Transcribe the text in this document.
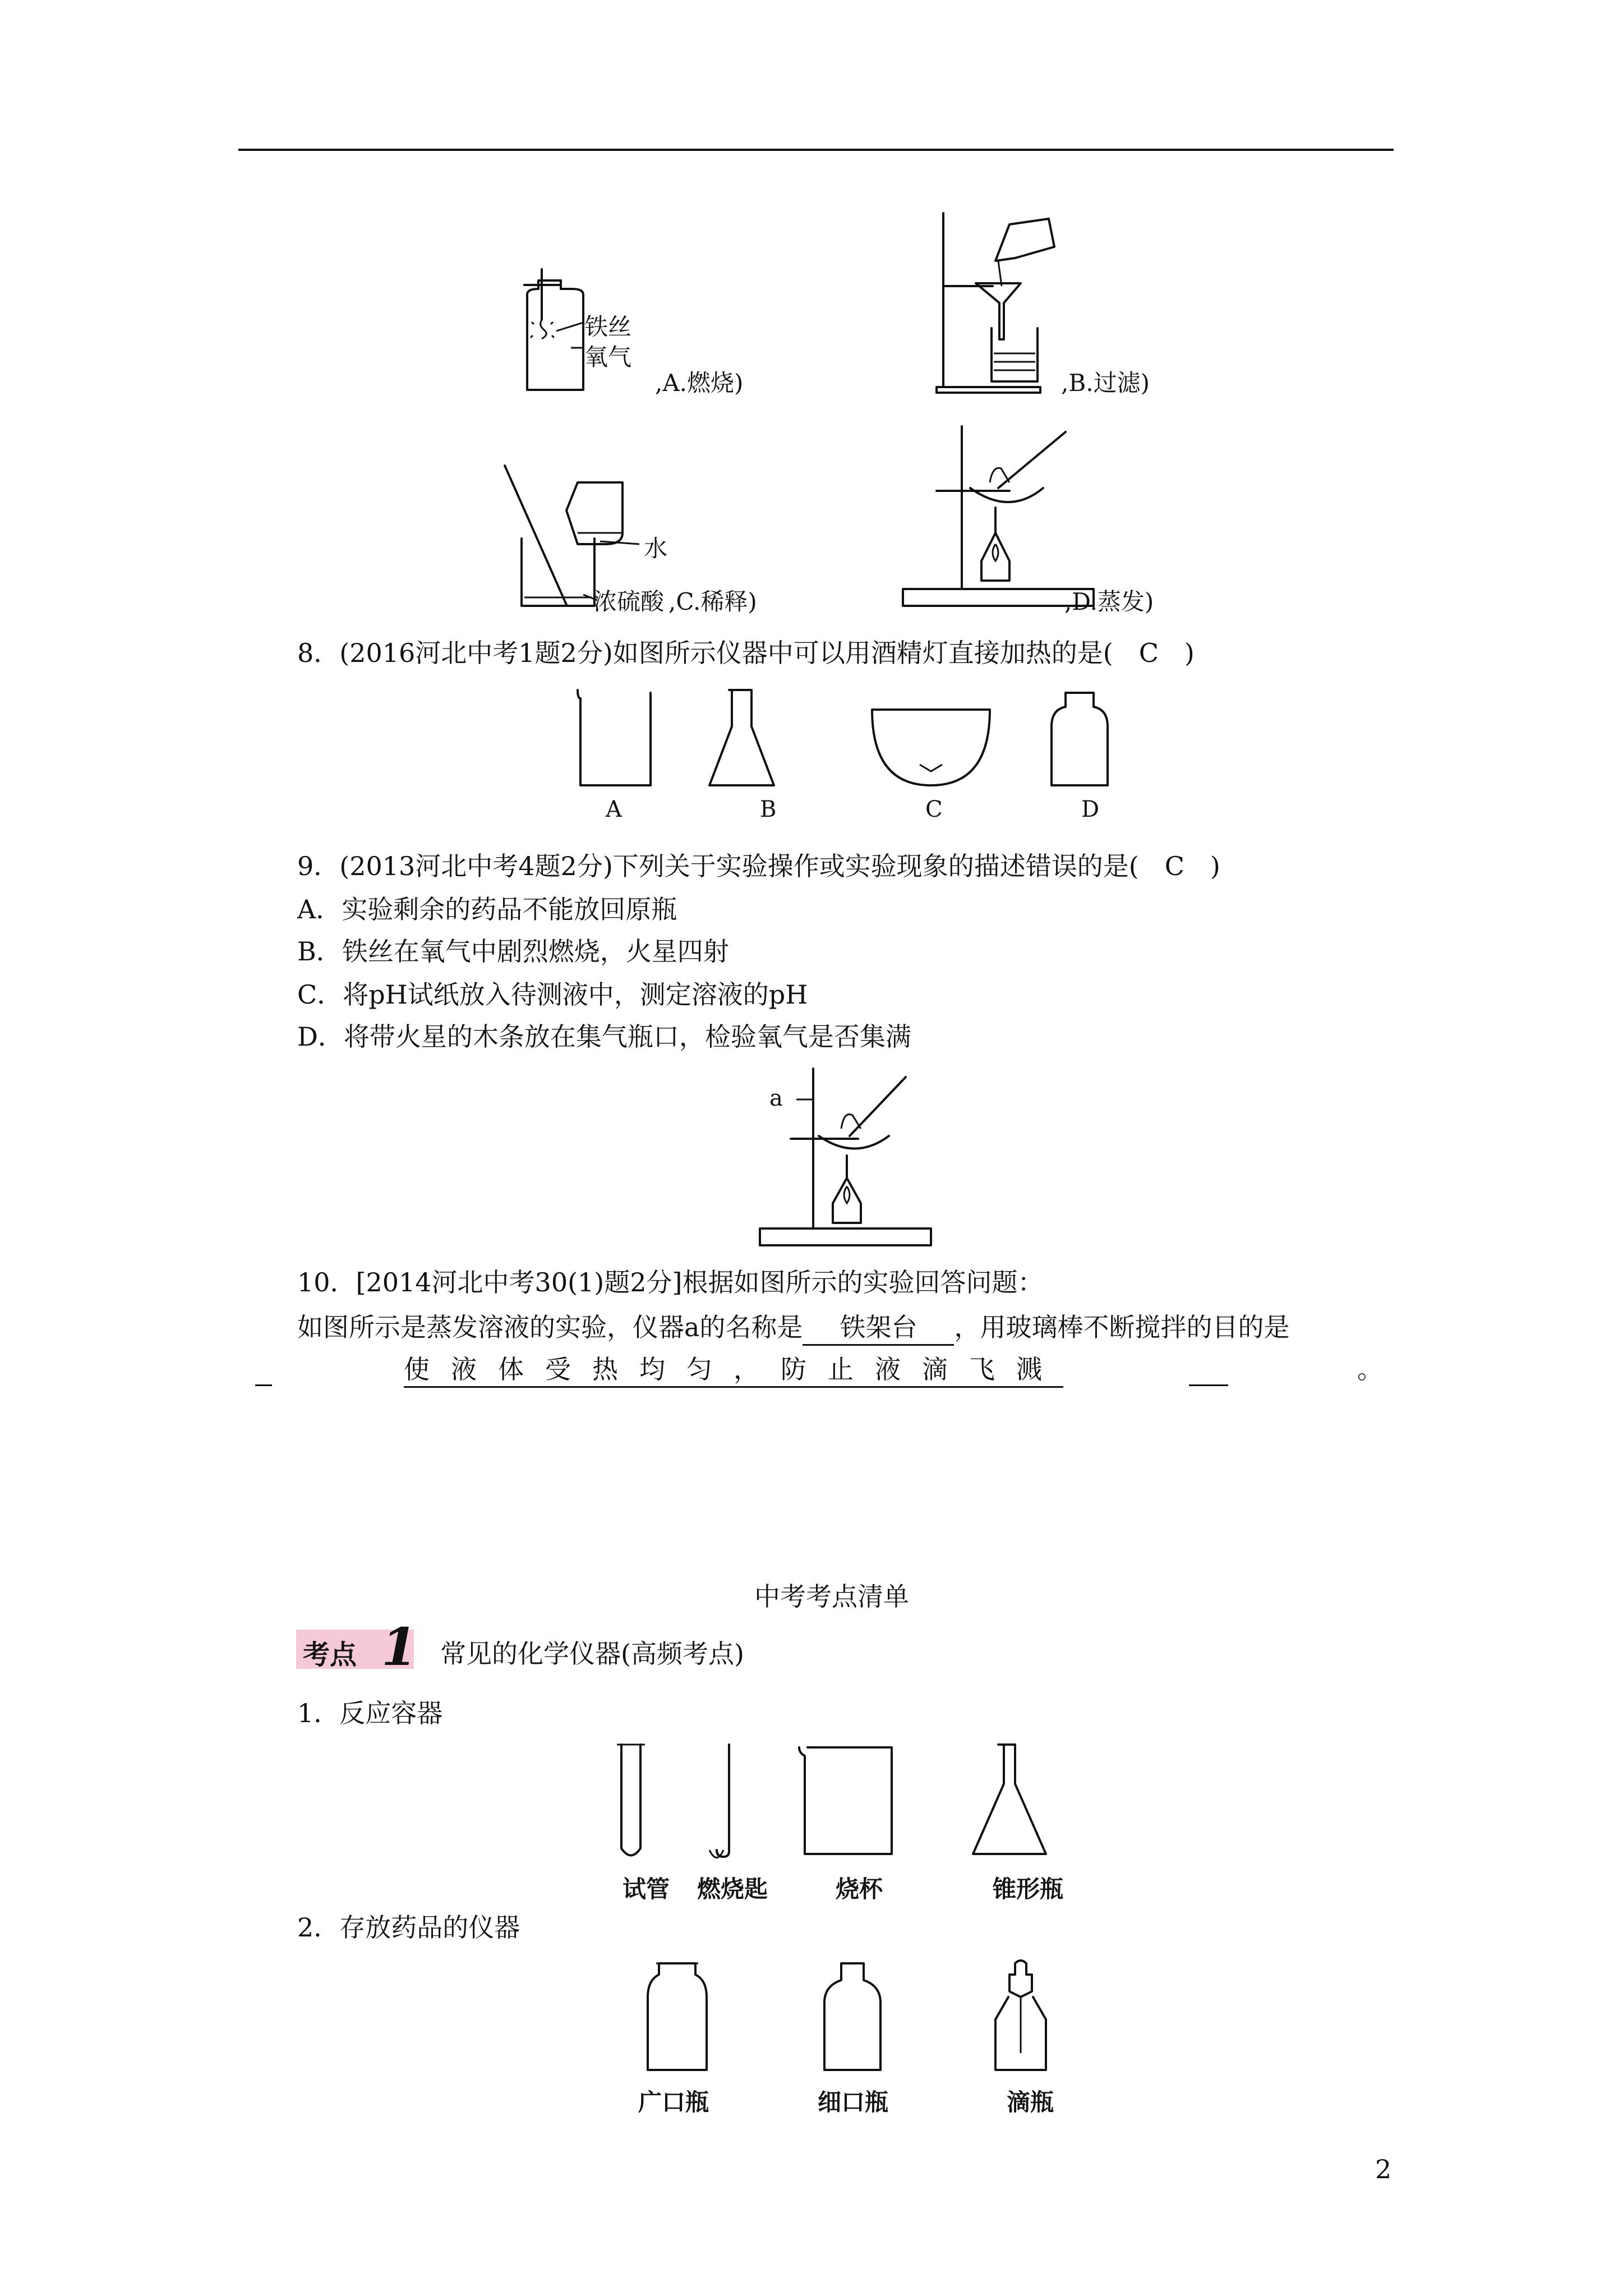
铁丝
氧气
,A.燃烧)	,B.过滤)
水
浓硫酸 ,C.稀释)	,D.蒸发)
8．(2016河北中考1题2分)如图所示仪器中可以用酒精灯直接加热的是(　C　)
A	B	C	D
9．(2013河北中考4题2分)下列关于实验操作或实验现象的描述错误的是(　C　)
A．实验剩余的药品不能放回原瓶
B．铁丝在氧气中剧烈燃烧，火星四射
C．将pH试纸放入待测液中，测定溶液的pH
D．将带火星的木条放在集气瓶口，检验氧气是否集满
a
10．[2014河北中考30(1)题2分]根据如图所示的实验回答问题：
如图所示是蒸发溶液的实验，仪器a的名称是 铁架台 ，用玻璃棒不断搅拌的目的是
使液体受热均匀，防止液滴飞溅	。
中考考点清单
考点 1 常见的化学仪器(高频考点)
1．反应容器
试管 燃烧匙	烧杯	锥形瓶
2．存放药品的仪器
广口瓶	细口瓶	滴瓶
2
